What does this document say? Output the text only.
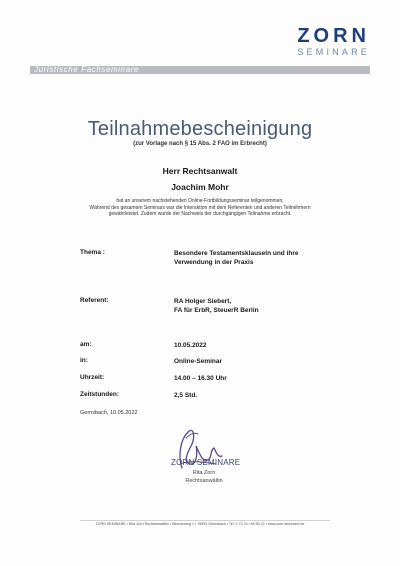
ZORN
SEMINARE
Juristische Fachseminare
Teilnahmebescheinigung
(zur Vorlage nach § 15 Abs. 2 FAO im Erbrecht)
Herr Rechtsanwalt
Joachim Mohr
hat an unserem nachstehenden Online-Fortbildungsseminar teilgenommen.
Während des gesamten Seminars war die Interaktion mit dem Referenten und anderen Teilnehmern
gewährleistet. Zudem wurde der Nachweis der durchgängigen Teilnahme erbracht.
Thema :	Besondere Testamentsklauseln und ihre
Verwendung in der Praxis
Referent:	RA Holger Siebert,
FA für ErbR, SteuerR Berlin
am:	10.05.2022
in:	Online-Seminar
Uhrzeit:	14.00 – 16.30 Uhr
Zeitstunden:	2,5 Std.
Gernsbach, 10.05.2022
ZORN SEMINARE
Rita Zorn
Rechtsanwältin
ZORN SEMINARE • Rita Zorn Rechtsanwältin • Blumenweg 1 • 76593 Gernsbach • Tel. 0 72 24 / 65 55 22 • www.zorn-seminare.de
